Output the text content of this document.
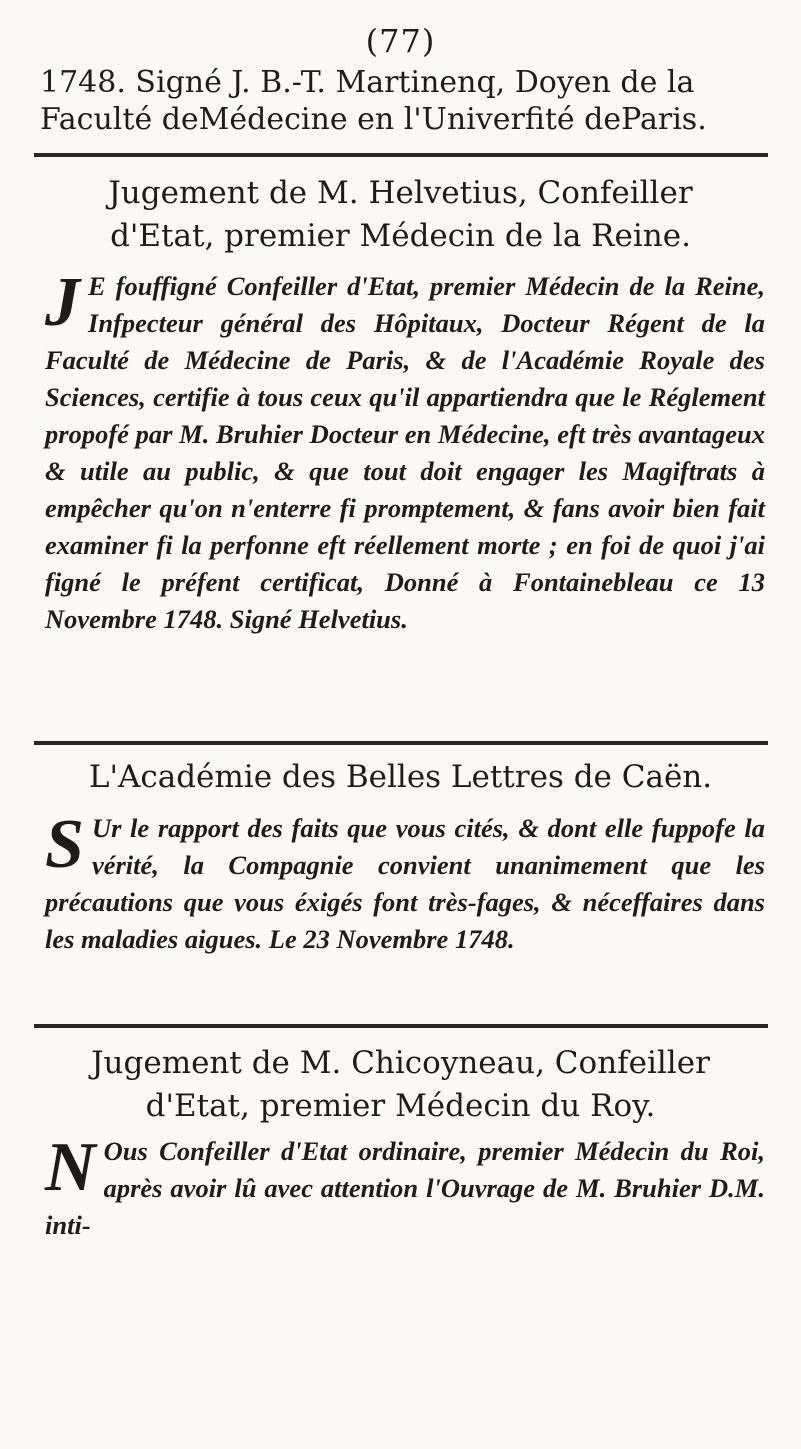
(77)
1748. Signé J. B.-T. Martinenq, Doyen de la
Faculté deMédecine en l'Univerfité deParis.
Jugement de M. Helvetius, Confeiller
d'Etat, premier Médecin de la Reine.
J E fouffigné Confeiller d'Etat, premier Médecin de la Reine, Infpecteur général des Hôpitaux, Docteur Régent de la Faculté de Médecine de Paris, & de l'Académie Royale des Sciences, certifie à tous ceux qu'il appartiendra que le Réglement propofé par M. Bruhier Docteur en Médecine, eft très avantageux & utile au public, & que tout doit engager les Magiftrats à empêcher qu'on n'enterre fi promptement, & fans avoir bien fait examiner fi la perfonne eft réellement morte ; en foi de quoi j'ai figné le préfent certificat, Donné à Fontainebleau ce 13 Novembre 1748. Signé Helvetius.
L'Académie des Belles Lettres de Caën.
S Ur le rapport des faits que vous cités, & dont elle fuppofe la vérité, la Compagnie convient unanimement que les précautions que vous éxigés font très-fages, & néceffaires dans les maladies aigues. Le 23 Novembre 1748.
Jugement de M. Chicoyneau, Confeiller
d'Etat, premier Médecin du Roy.
N Ous Confeiller d'Etat ordinaire, premier Médecin du Roi, après avoir lû avec attention l'Ouvrage de M. Bruhier D.M. inti-
